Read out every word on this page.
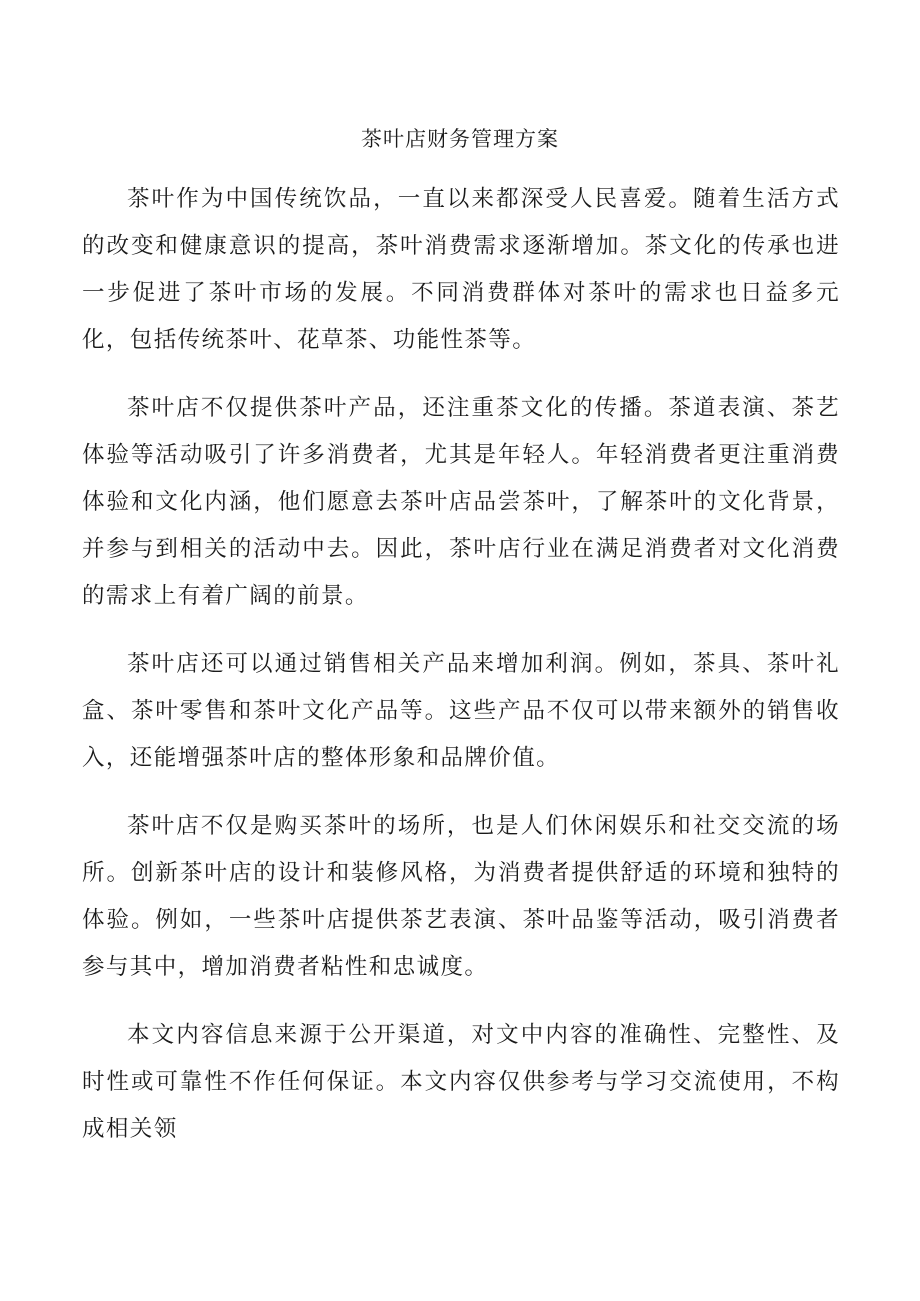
茶叶店财务管理方案

茶叶作为中国传统饮品，一直以来都深受人民喜爱。随着生活方式的改变和健康意识的提高，茶叶消费需求逐渐增加。茶文化的传承也进一步促进了茶叶市场的发展。不同消费群体对茶叶的需求也日益多元化，包括传统茶叶、花草茶、功能性茶等。

茶叶店不仅提供茶叶产品，还注重茶文化的传播。茶道表演、茶艺体验等活动吸引了许多消费者，尤其是年轻人。年轻消费者更注重消费体验和文化内涵，他们愿意去茶叶店品尝茶叶，了解茶叶的文化背景，并参与到相关的活动中去。因此，茶叶店行业在满足消费者对文化消费的需求上有着广阔的前景。

茶叶店还可以通过销售相关产品来增加利润。例如，茶具、茶叶礼盒、茶叶零售和茶叶文化产品等。这些产品不仅可以带来额外的销售收入，还能增强茶叶店的整体形象和品牌价值。

茶叶店不仅是购买茶叶的场所，也是人们休闲娱乐和社交交流的场所。创新茶叶店的设计和装修风格，为消费者提供舒适的环境和独特的体验。例如，一些茶叶店提供茶艺表演、茶叶品鉴等活动，吸引消费者参与其中，增加消费者粘性和忠诚度。

本文内容信息来源于公开渠道，对文中内容的准确性、完整性、及时性或可靠性不作任何保证。本文内容仅供参考与学习交流使用，不构成相关领
